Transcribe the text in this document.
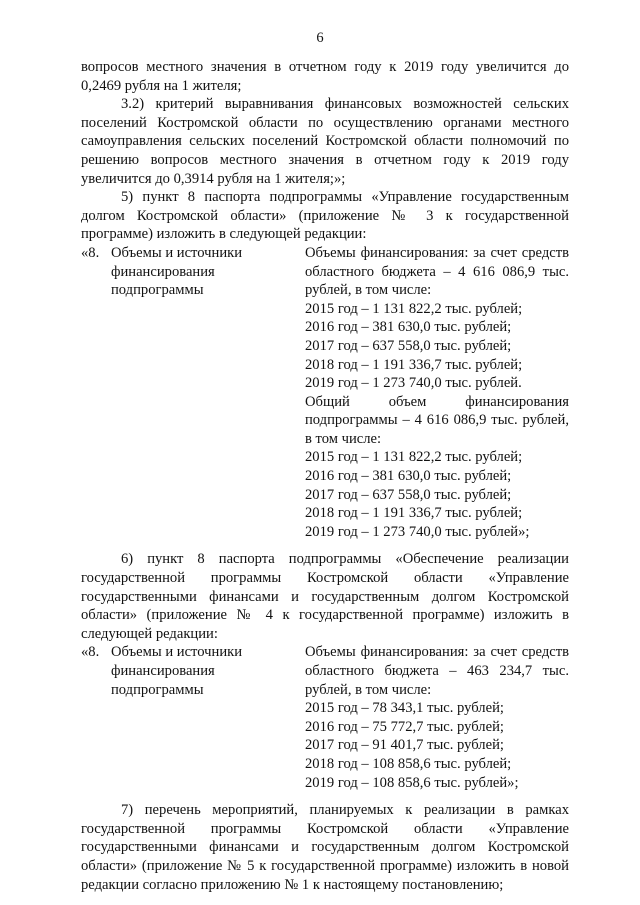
6

вопросов местного значения в отчетном году к 2019 году увеличится до 0,2469 рубля на 1 жителя;

3.2) критерий выравнивания финансовых возможностей сельских поселений Костромской области по осуществлению органами местного самоуправления сельских поселений Костромской области полномочий по решению вопросов местного значения в отчетном году к 2019 году увеличится до 0,3914 рубля на 1 жителя;»;

5) пункт 8 паспорта подпрограммы «Управление государственным долгом Костромской области» (приложение № 3 к государственной программе) изложить в следующей редакции:

«8. Объемы и источники финансирования подпрограммы
Объемы финансирования: за счет средств областного бюджета – 4 616 086,9 тыс. рублей, в том числе:
2015 год – 1 131 822,2 тыс. рублей;
2016 год – 381 630,0 тыс. рублей;
2017 год – 637 558,0 тыс. рублей;
2018 год – 1 191 336,7 тыс. рублей;
2019 год – 1 273 740,0 тыс. рублей.
Общий объем финансирования подпрограммы – 4 616 086,9 тыс. рублей, в том числе:
2015 год – 1 131 822,2 тыс. рублей;
2016 год – 381 630,0 тыс. рублей;
2017 год – 637 558,0 тыс. рублей;
2018 год – 1 191 336,7 тыс. рублей;
2019 год – 1 273 740,0 тыс. рублей»;

6) пункт 8 паспорта подпрограммы «Обеспечение реализации государственной программы Костромской области «Управление государственными финансами и государственным долгом Костромской области» (приложение № 4 к государственной программе) изложить в следующей редакции:

«8. Объемы и источники финансирования подпрограммы
Объемы финансирования: за счет средств областного бюджета – 463 234,7 тыс. рублей, в том числе:
2015 год – 78 343,1 тыс. рублей;
2016 год – 75 772,7 тыс. рублей;
2017 год – 91 401,7 тыс. рублей;
2018 год – 108 858,6 тыс. рублей;
2019 год – 108 858,6 тыс. рублей»;

7) перечень мероприятий, планируемых к реализации в рамках государственной программы Костромской области «Управление государственными финансами и государственным долгом Костромской области» (приложение № 5 к государственной программе) изложить в новой редакции согласно приложению № 1 к настоящему постановлению;
